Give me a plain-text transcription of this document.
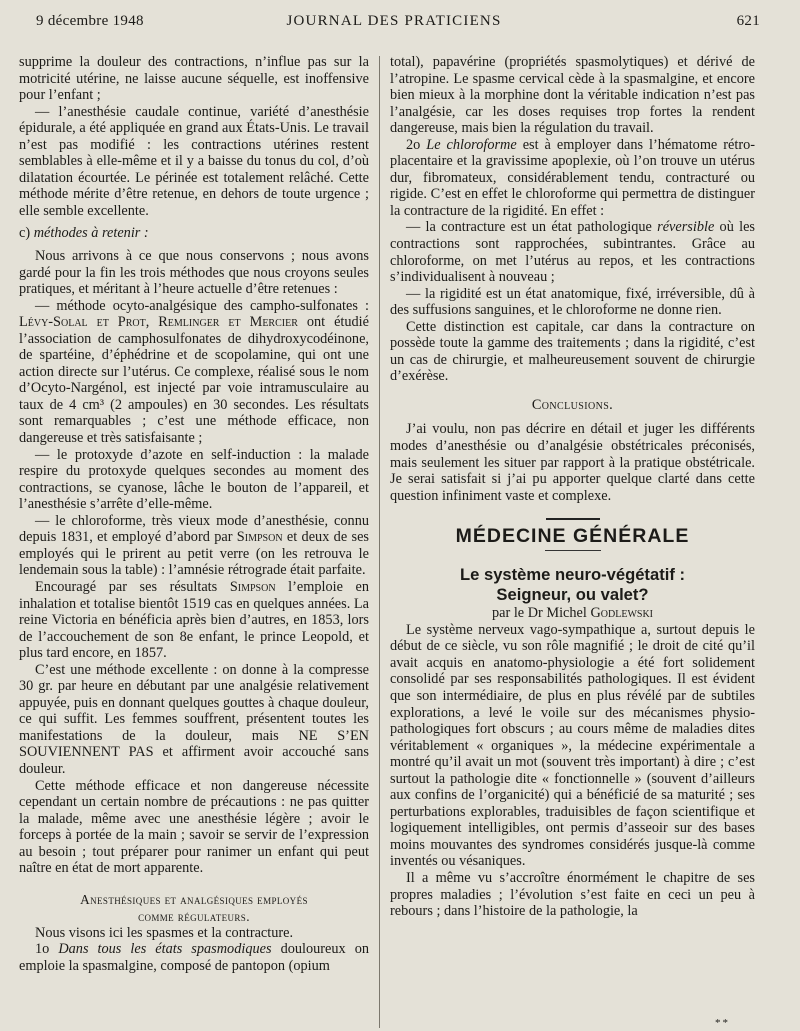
9 décembre 1948	JOURNAL DES PRATICIENS	621

supprime la douleur des contractions, n’influe pas sur la motricité utérine, ne laisse aucune séquelle, est inoffensive pour l’enfant ;

— l’anesthésie caudale continue, variété d’anesthésie épidurale, a été appliquée en grand aux États-Unis. Le travail n’est pas modifié : les contractions utérines restent semblables à elle-même et il y a baisse du tonus du col, d’où dilatation écourtée. Le périnée est totalement relâché. Cette méthode mérite d’être retenue, en dehors de toute urgence ; elle semble excellente.

c) méthodes à retenir :

Nous arrivons à ce que nous conservons ; nous avons gardé pour la fin les trois méthodes que nous croyons seules pratiques, et méritant à l’heure actuelle d’être retenues :

— méthode ocyto-analgésique des campho-sulfonates : Lévy-Solal et Prot, Remlinger et Mercier ont étudié l’association de camphosulfonates de dihydroxycodéinone, de spartéine, d’éphédrine et de scopolamine, qui ont une action directe sur l’utérus. Ce complexe, réalisé sous le nom d’Ocyto-Nargénol, est injecté par voie intramusculaire au taux de 4 cm³ (2 ampoules) en 30 secondes. Les résultats sont remarquables ; c’est une méthode efficace, non dangereuse et très satisfaisante ;

— le protoxyde d’azote en self-induction : la malade respire du protoxyde quelques secondes au moment des contractions, se cyanose, lâche le bouton de l’appareil, et l’anesthésie s’arrête d’elle-même.

— le chloroforme, très vieux mode d’anesthésie, connu depuis 1831, et employé d’abord par Simpson et deux de ses employés qui le prirent au petit verre (on les retrouva le lendemain sous la table) : l’amnésie rétrograde était parfaite.

Encouragé par ses résultats Simpson l’emploie en inhalation et totalise bientôt 1519 cas en quelques années. La reine Victoria en bénéficia après bien d’autres, en 1853, lors de l’accouchement de son 8e enfant, le prince Leopold, et plus tard encore, en 1857.

C’est une méthode excellente : on donne à la compresse 30 gr. par heure en débutant par une analgésie relativement appuyée, puis en donnant quelques gouttes à chaque douleur, ce qui suffit. Les femmes souffrent, présentent toutes les manifestations de la douleur, mais NE S’EN SOUVIENNENT PAS et affirment avoir accouché sans douleur.

Cette méthode efficace et non dangereuse nécessite cependant un certain nombre de précautions : ne pas quitter la malade, même avec une anesthésie légère ; avoir le forceps à portée de la main ; savoir se servir de l’expression au besoin ; tout préparer pour ranimer un enfant qui peut naître en état de mort apparente.

Anesthésiques et analgésiques employés
comme régulateurs.

Nous visons ici les spasmes et la contracture.

1o Dans tous les états spasmodiques douloureux on emploie la spasmalgine, composé de pantopon (opium

total), papavérine (propriétés spasmolytiques) et dérivé de l’atropine. Le spasme cervical cède à la spasmalgine, et encore bien mieux à la morphine dont la véritable indication n’est pas l’analgésie, car les doses requises trop fortes la rendent dangereuse, mais bien la régulation du travail.

2o Le chloroforme est à employer dans l’hématome rétro-placentaire et la gravissime apoplexie, où l’on trouve un utérus dur, fibromateux, considérablement tendu, contracturé ou rigide. C’est en effet le chloroforme qui permettra de distinguer la contracture de la rigidité. En effet :

— la contracture est un état pathologique réversible où les contractions sont rapprochées, subintrantes. Grâce au chloroforme, on met l’utérus au repos, et les contractions s’individualisent à nouveau ;

— la rigidité est un état anatomique, fixé, irréversible, dû à des suffusions sanguines, et le chloroforme ne donne rien.

Cette distinction est capitale, car dans la contracture on possède toute la gamme des traitements ; dans la rigidité, c’est un cas de chirurgie, et malheureusement souvent de chirurgie d’exérèse.

Conclusions.

J’ai voulu, non pas décrire en détail et juger les différents modes d’anesthésie ou d’analgésie obstétricales préconisés, mais seulement les situer par rapport à la pratique obstétricale. Je serai satisfait si j’ai pu apporter quelque clarté dans cette question infiniment vaste et complexe.

MÉDECINE GÉNÉRALE

Le système neuro-végétatif :
Seigneur, ou valet?

par le Dr Michel Godlewski

Le système nerveux vago-sympathique a, surtout depuis le début de ce siècle, vu son rôle magnifié ; le droit de cité qu’il avait acquis en anatomo-physiologie a été fort solidement consolidé par ses responsabilités pathologiques. Il est évident que son intermédiaire, de plus en plus révélé par de subtiles explorations, a levé le voile sur des mécanismes physio-pathologiques fort obscurs ; au cours même de maladies dites véritablement « organiques », la médecine expérimentale a montré qu’il avait un mot (souvent très important) à dire ; c’est surtout la pathologie dite « fonctionnelle » (souvent d’ailleurs aux confins de l’organicité) qui a bénéficié de sa maturité ; ses perturbations explorables, traduisibles de façon scientifique et logiquement intelligibles, ont permis d’asseoir sur des bases moins mouvantes des syndromes considérés jusque-là comme inventés ou vésaniques.

Il a même vu s’accroître énormément le chapitre de ses propres maladies ; l’évolution s’est faite en ceci un peu à rebours ; dans l’histoire de la pathologie, la

**
